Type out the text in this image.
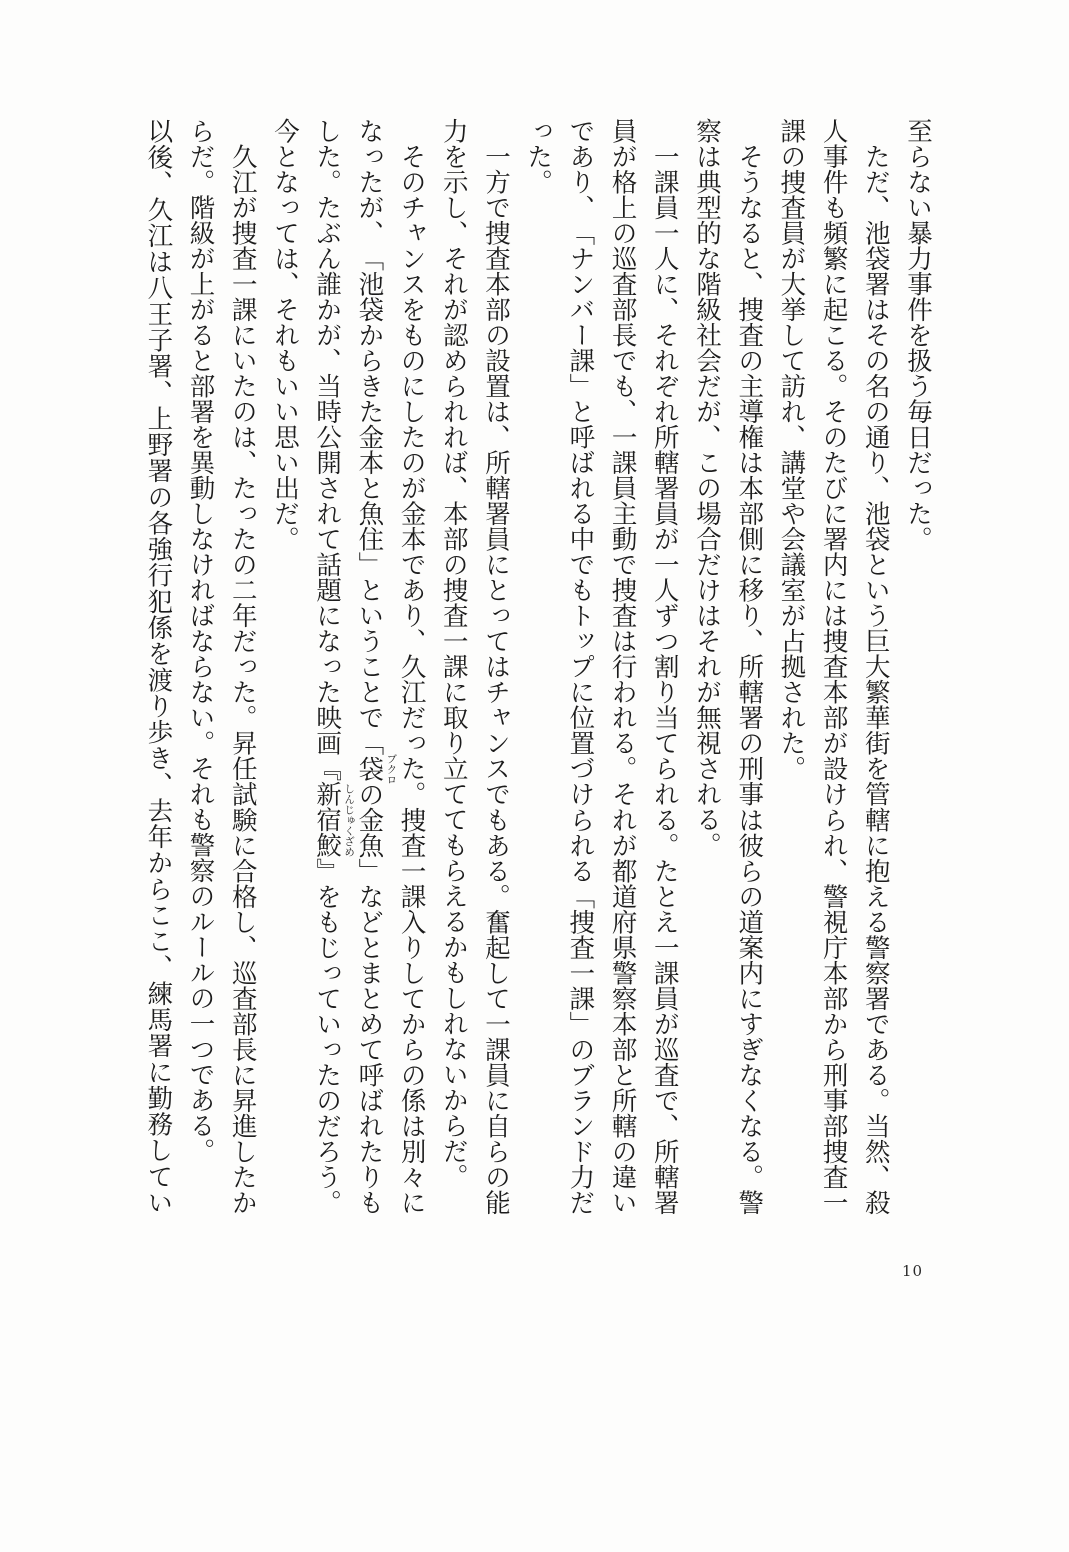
至らない暴力事件を扱う毎日だった。
　ただ、池袋署はその名の通り、池袋という巨大繁華街を管轄に抱える警察署である。当然、殺
人事件も頻繁に起こる。そのたびに署内には捜査本部が設けられ、警視庁本部から刑事部捜査一
課の捜査員が大挙して訪れ、講堂や会議室が占拠された。
　そうなると、捜査の主導権は本部側に移り、所轄署の刑事は彼らの道案内にすぎなくなる。警
察は典型的な階級社会だが、この場合だけはそれが無視される。
　一課員一人に、それぞれ所轄署員が一人ずつ割り当てられる。たとえ一課員が巡査で、所轄署
員が格上の巡査部長でも、一課員主動で捜査は行われる。それが都道府県警察本部と所轄の違い
であり、「ナンバー課」と呼ばれる中でもトップに位置づけられる「捜査一課」のブランド力だ
った。
　一方で捜査本部の設置は、所轄署員にとってはチャンスでもある。奮起して一課員に自らの能
力を示し、それが認められれば、本部の捜査一課に取り立ててもらえるかもしれないからだ。
　そのチャンスをものにしたのが金本であり、久江だった。捜査一課入りしてからの係は別々に
なったが、「池袋からきた金本と魚住」ということで「袋 ブクロ
の金魚」などとまとめて呼ばれたりも
した。たぶん誰かが、当時公開されて話題になった映画『新宿鮫 しんじゅくざめ
』をもじっていったのだろう。
今となっては、それもいい思い出だ。
　久江が捜査一課にいたのは、たったの二年だった。昇任試験に合格し、巡査部長に昇進したか
らだ。階級が上がると部署を異動しなければならない。それも警察のルールの一つである。
以後、久江は八王子署、上野署の各強行犯係を渡り歩き、去年からここ、練馬署に勤務してい
10
